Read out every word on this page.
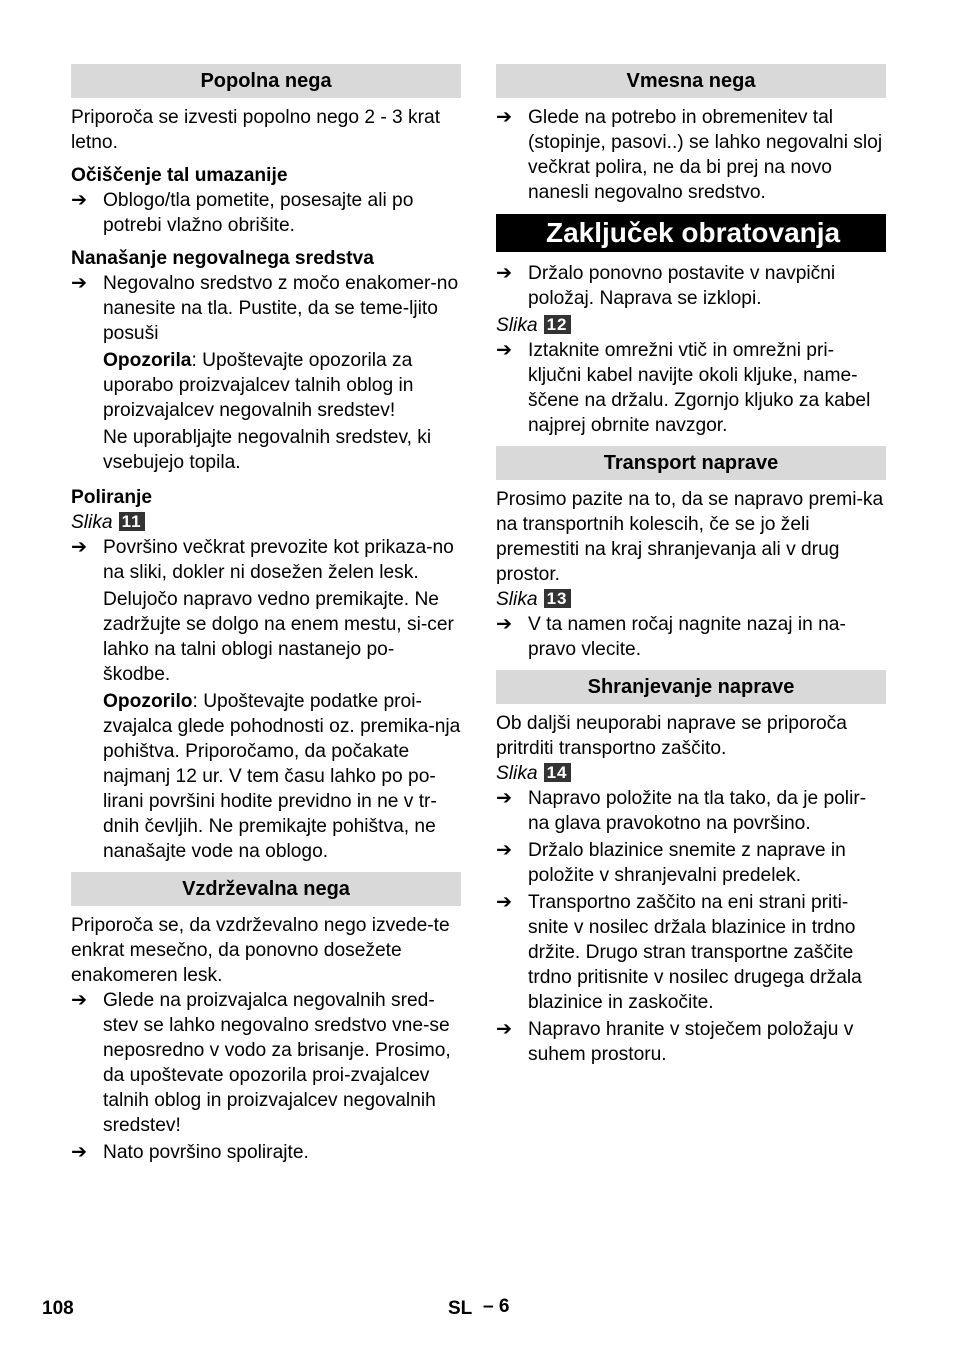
Popolna nega

Priporoča se izvesti popolno nego 2 - 3 krat letno.

Očiščenje tal umazanije

➔ Oblogo/tla pometite, posesajte ali po potrebi vlažno obrišite.

Nanašanje negovalnega sredstva

➔ Negovalno sredstvo z močo enakomer-no nanesite na tla. Pustite, da se teme-ljito posuši

Opozorila: Upoštevajte opozorila za uporabo proizvajalcev talnih oblog in proizvajalcev negovalnih sredstev!

Ne uporabljajte negovalnih sredstev, ki vsebujejo topila.

Poliranje

Slika 11

➔ Površino večkrat prevozite kot prikaza-no na sliki, dokler ni dosežen želen lesk.

Delujočo napravo vedno premikajte. Ne zadržujte se dolgo na enem mestu, si-cer lahko na talni oblogi nastanejo po-škodbe.

Opozorilo: Upoštevajte podatke proi-zvajalca glede pohodnosti oz. premika-nja pohištva. Priporočamo, da počakate najmanj 12 ur. V tem času lahko po po-lirani površini hodite previdno in ne v tr-dnih čevljih. Ne premikajte pohištva, ne nanašajte vode na oblogo.

Vzdrževalna nega

Priporoča se, da vzdrževalno nego izvede-te enkrat mesečno, da ponovno dosežete enakomeren lesk.

➔ Glede na proizvajalca negovalnih sred-stev se lahko negovalno sredstvo vne-se neposredno v vodo za brisanje. Prosimo, da upoštevate opozorila proi-zvajalcev talnih oblog in proizvajalcev negovalnih sredstev!
➔ Nato površino spolirajte.
Vmesna nega
➔ Glede na potrebo in obremenitev tal (stopinje, pasovi..) se lahko negovalni sloj večkrat polira, ne da bi prej na novo nanesli negovalno sredstvo.
Zaključek obratovanja
➔ Držalo ponovno postavite v navpični položaj. Naprava se izklopi.

Slika 12

➔ Iztaknite omrežni vtič in omrežni pri-ključni kabel navijte okoli kljuke, name-ščene na držalu. Zgornjo kljuko za kabel najprej obrnite navzgor.
Transport naprave

Prosimo pazite na to, da se napravo premi-ka na transportnih kolescih, če se jo želi premestiti na kraj shranjevanja ali v drug prostor.

Slika 13

➔ V ta namen ročaj nagnite nazaj in na-pravo vlecite.
Shranjevanje naprave

Ob daljši neuporabi naprave se priporoča pritrditi transportno zaščito.

Slika 14

➔ Napravo položite na tla tako, da je polir-na glava pravokotno na površino.
➔ Držalo blazinice snemite z naprave in položite v shranjevalni predelek.
➔ Transportno zaščito na eni strani priti-snite v nosilec držala blazinice in trdno držite. Drugo stran transportne zaščite trdno pritisnite v nosilec drugega držala blazinice in zaskočite.
➔ Napravo hranite v stoječem položaju v suhem prostoru.
108	SL – 6
